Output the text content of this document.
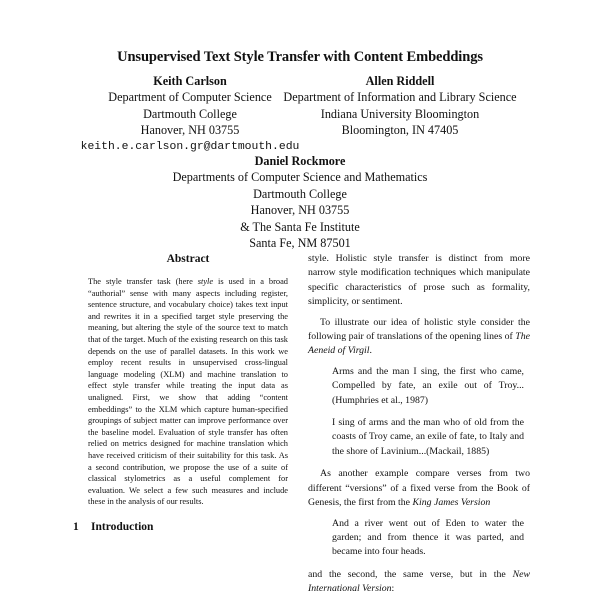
Unsupervised Text Style Transfer with Content Embeddings
Keith Carlson
Department of Computer Science
Dartmouth College
Hanover, NH 03755
keith.e.carlson.gr@dartmouth.edu
Allen Riddell
Department of Information and Library Science
Indiana University Bloomington
Bloomington, IN 47405
Daniel Rockmore
Departments of Computer Science and Mathematics
Dartmouth College
Hanover, NH 03755
& The Santa Fe Institute
Santa Fe, NM 87501
Abstract

The style transfer task (here style is used in a broad “authorial” sense with many aspects including register, sentence structure, and vocabulary choice) takes text input and rewrites it in a specified target style preserving the meaning, but altering the style of the source text to match that of the target. Much of the existing research on this task depends on the use of parallel datasets. In this work we employ recent results in unsupervised cross-lingual language modeling (XLM) and machine translation to effect style transfer while treating the input data as unaligned. First, we show that adding “content embeddings” to the XLM which capture human-specified groupings of subject matter can improve performance over the baseline model. Evaluation of style transfer has often relied on metrics designed for machine translation which have received criticism of their suitability for this task. As a second contribution, we propose the use of a suite of classical stylometrics as a useful complement for evaluation. We select a few such measures and include these in the analysis of our results.

1 Introduction

style. Holistic style transfer is distinct from more narrow style modification techniques which manipulate specific characteristics of prose such as formality, simplicity, or sentiment.

To illustrate our idea of holistic style consider the following pair of translations of the opening lines of The Aeneid of Virgil.

Arms and the man I sing, the first who came, Compelled by fate, an exile out of Troy...(Humphries et al., 1987)

I sing of arms and the man who of old from the coasts of Troy came, an exile of fate, to Italy and the shore of Lavinium...(Mackail, 1885)

As another example compare verses from two different “versions” of a fixed verse from the Book of Genesis, the first from the King James Version

And a river went out of Eden to water the garden; and from thence it was parted, and became into four heads.

and the second, the same verse, but in the New International Version:
